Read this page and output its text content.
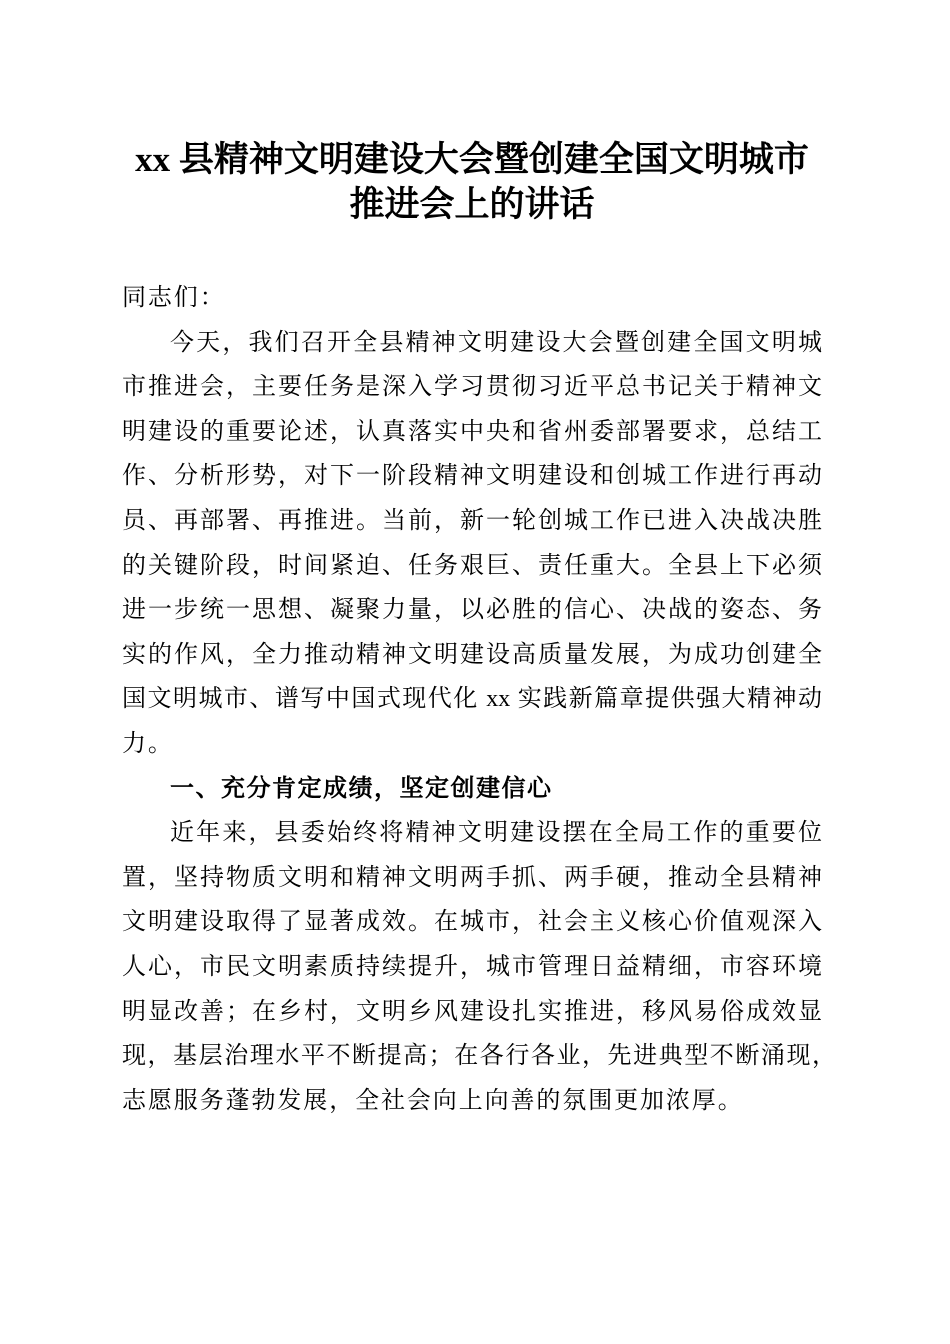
xx 县精神文明建设大会暨创建全国文明城市
推进会上的讲话
同志们：
今天，我们召开全县精神文明建设大会暨创建全国文明城
市推进会，主要任务是深入学习贯彻习近平总书记关于精神文
明建设的重要论述，认真落实中央和省州委部署要求，总结工
作、分析形势，对下一阶段精神文明建设和创城工作进行再动
员、再部署、再推进。当前，新一轮创城工作已进入决战决胜
的关键阶段，时间紧迫、任务艰巨、责任重大。全县上下必须
进一步统一思想、凝聚力量，以必胜的信心、决战的姿态、务
实的作风，全力推动精神文明建设高质量发展，为成功创建全
国文明城市、谱写中国式现代化 xx 实践新篇章提供强大精神动
力。
一、充分肯定成绩，坚定创建信心
近年来，县委始终将精神文明建设摆在全局工作的重要位
置，坚持物质文明和精神文明两手抓、两手硬，推动全县精神
文明建设取得了显著成效。在城市，社会主义核心价值观深入
人心，市民文明素质持续提升，城市管理日益精细，市容环境
明显改善；在乡村，文明乡风建设扎实推进，移风易俗成效显
现，基层治理水平不断提高；在各行各业，先进典型不断涌现，
志愿服务蓬勃发展，全社会向上向善的氛围更加浓厚。
